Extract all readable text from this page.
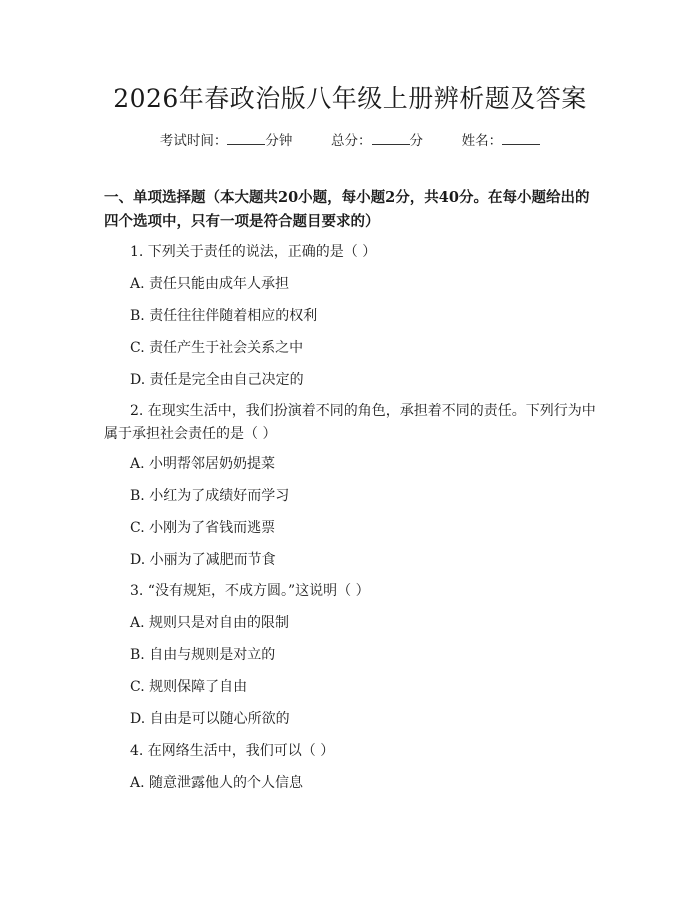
2026年春政治版八年级上册辨析题及答案
考试时间：	分钟	总分：	分	姓名：
一、单项选择题（本大题共20小题，每小题2分，共40分。在每小题给出的四个选项中，只有一项是符合题目要求的）
1. 下列关于责任的说法，正确的是（ ）
A. 责任只能由成年人承担
B. 责任往往伴随着相应的权利
C. 责任产生于社会关系之中
D. 责任是完全由自己决定的
2. 在现实生活中，我们扮演着不同的角色，承担着不同的责任。下列行为中属于承担社会责任的是（ ）
A. 小明帮邻居奶奶提菜
B. 小红为了成绩好而学习
C. 小刚为了省钱而逃票
D. 小丽为了减肥而节食
3. “没有规矩，不成方圆。”这说明（ ）
A. 规则只是对自由的限制
B. 自由与规则是对立的
C. 规则保障了自由
D. 自由是可以随心所欲的
4. 在网络生活中，我们可以（ ）
A. 随意泄露他人的个人信息
